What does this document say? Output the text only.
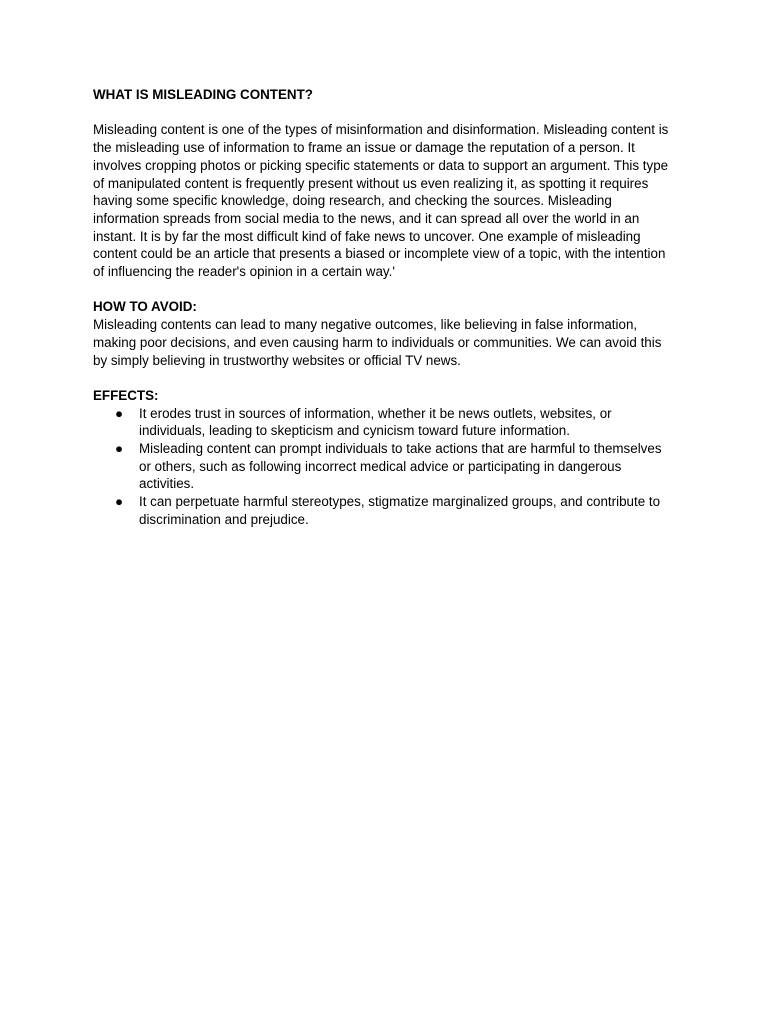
WHAT IS MISLEADING CONTENT?

Misleading content is one of the types of misinformation and disinformation. Misleading content is the misleading use of information to frame an issue or damage the reputation of a person. It involves cropping photos or picking specific statements or data to support an argument. This type of manipulated content is frequently present without us even realizing it, as spotting it requires having some specific knowledge, doing research, and checking the sources. Misleading information spreads from social media to the news, and it can spread all over the world in an instant. It is by far the most difficult kind of fake news to uncover. One example of misleading content could be an article that presents a biased or incomplete view of a topic, with the intention of influencing the reader's opinion in a certain way.'

HOW TO AVOID:

Misleading contents can lead to many negative outcomes, like believing in false information, making poor decisions, and even causing harm to individuals or communities. We can avoid this by simply believing in trustworthy websites or official TV news.

EFFECTS:

● It erodes trust in sources of information, whether it be news outlets, websites, or individuals, leading to skepticism and cynicism toward future information.
● Misleading content can prompt individuals to take actions that are harmful to themselves or others, such as following incorrect medical advice or participating in dangerous activities.
● It can perpetuate harmful stereotypes, stigmatize marginalized groups, and contribute to discrimination and prejudice.
